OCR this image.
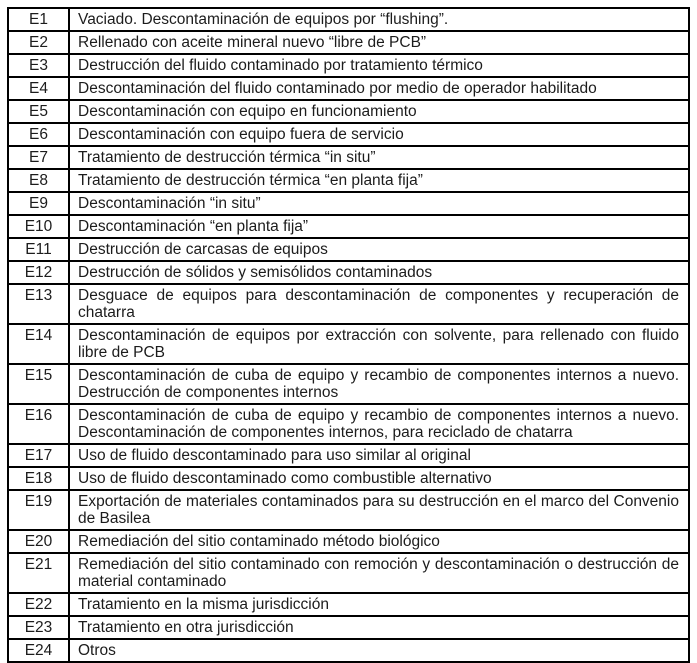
E1	Vaciado. Descontaminación de equipos por “flushing”.
E2	Rellenado con aceite mineral nuevo “libre de PCB”
E3	Destrucción del fluido contaminado por tratamiento térmico
E4	Descontaminación del fluido contaminado por medio de operador habilitado
E5	Descontaminación con equipo en funcionamiento
E6	Descontaminación con equipo fuera de servicio
E7	Tratamiento de destrucción térmica “in situ”
E8	Tratamiento de destrucción térmica “en planta fija”
E9	Descontaminación “in situ”
E10	Descontaminación “en planta fija”
E11	Destrucción de carcasas de equipos
E12	Destrucción de sólidos y semisólidos contaminados
E13	Desguace de equipos para descontaminación de componentes y recuperación de chatarra
E14	Descontaminación de equipos por extracción con solvente, para rellenado con fluido libre de PCB
E15	Descontaminación de cuba de equipo y recambio de componentes internos a nuevo. Destrucción de componentes internos
E16	Descontaminación de cuba de equipo y recambio de componentes internos a nuevo. Descontaminación de componentes internos, para reciclado de chatarra
E17	Uso de fluido descontaminado para uso similar al original
E18	Uso de fluido descontaminado como combustible alternativo
E19	Exportación de materiales contaminados para su destrucción en el marco del Convenio de Basilea
E20	Remediación del sitio contaminado método biológico
E21	Remediación del sitio contaminado con remoción y descontaminación o destrucción de material contaminado
E22	Tratamiento en la misma jurisdicción
E23	Tratamiento en otra jurisdicción
E24	Otros
